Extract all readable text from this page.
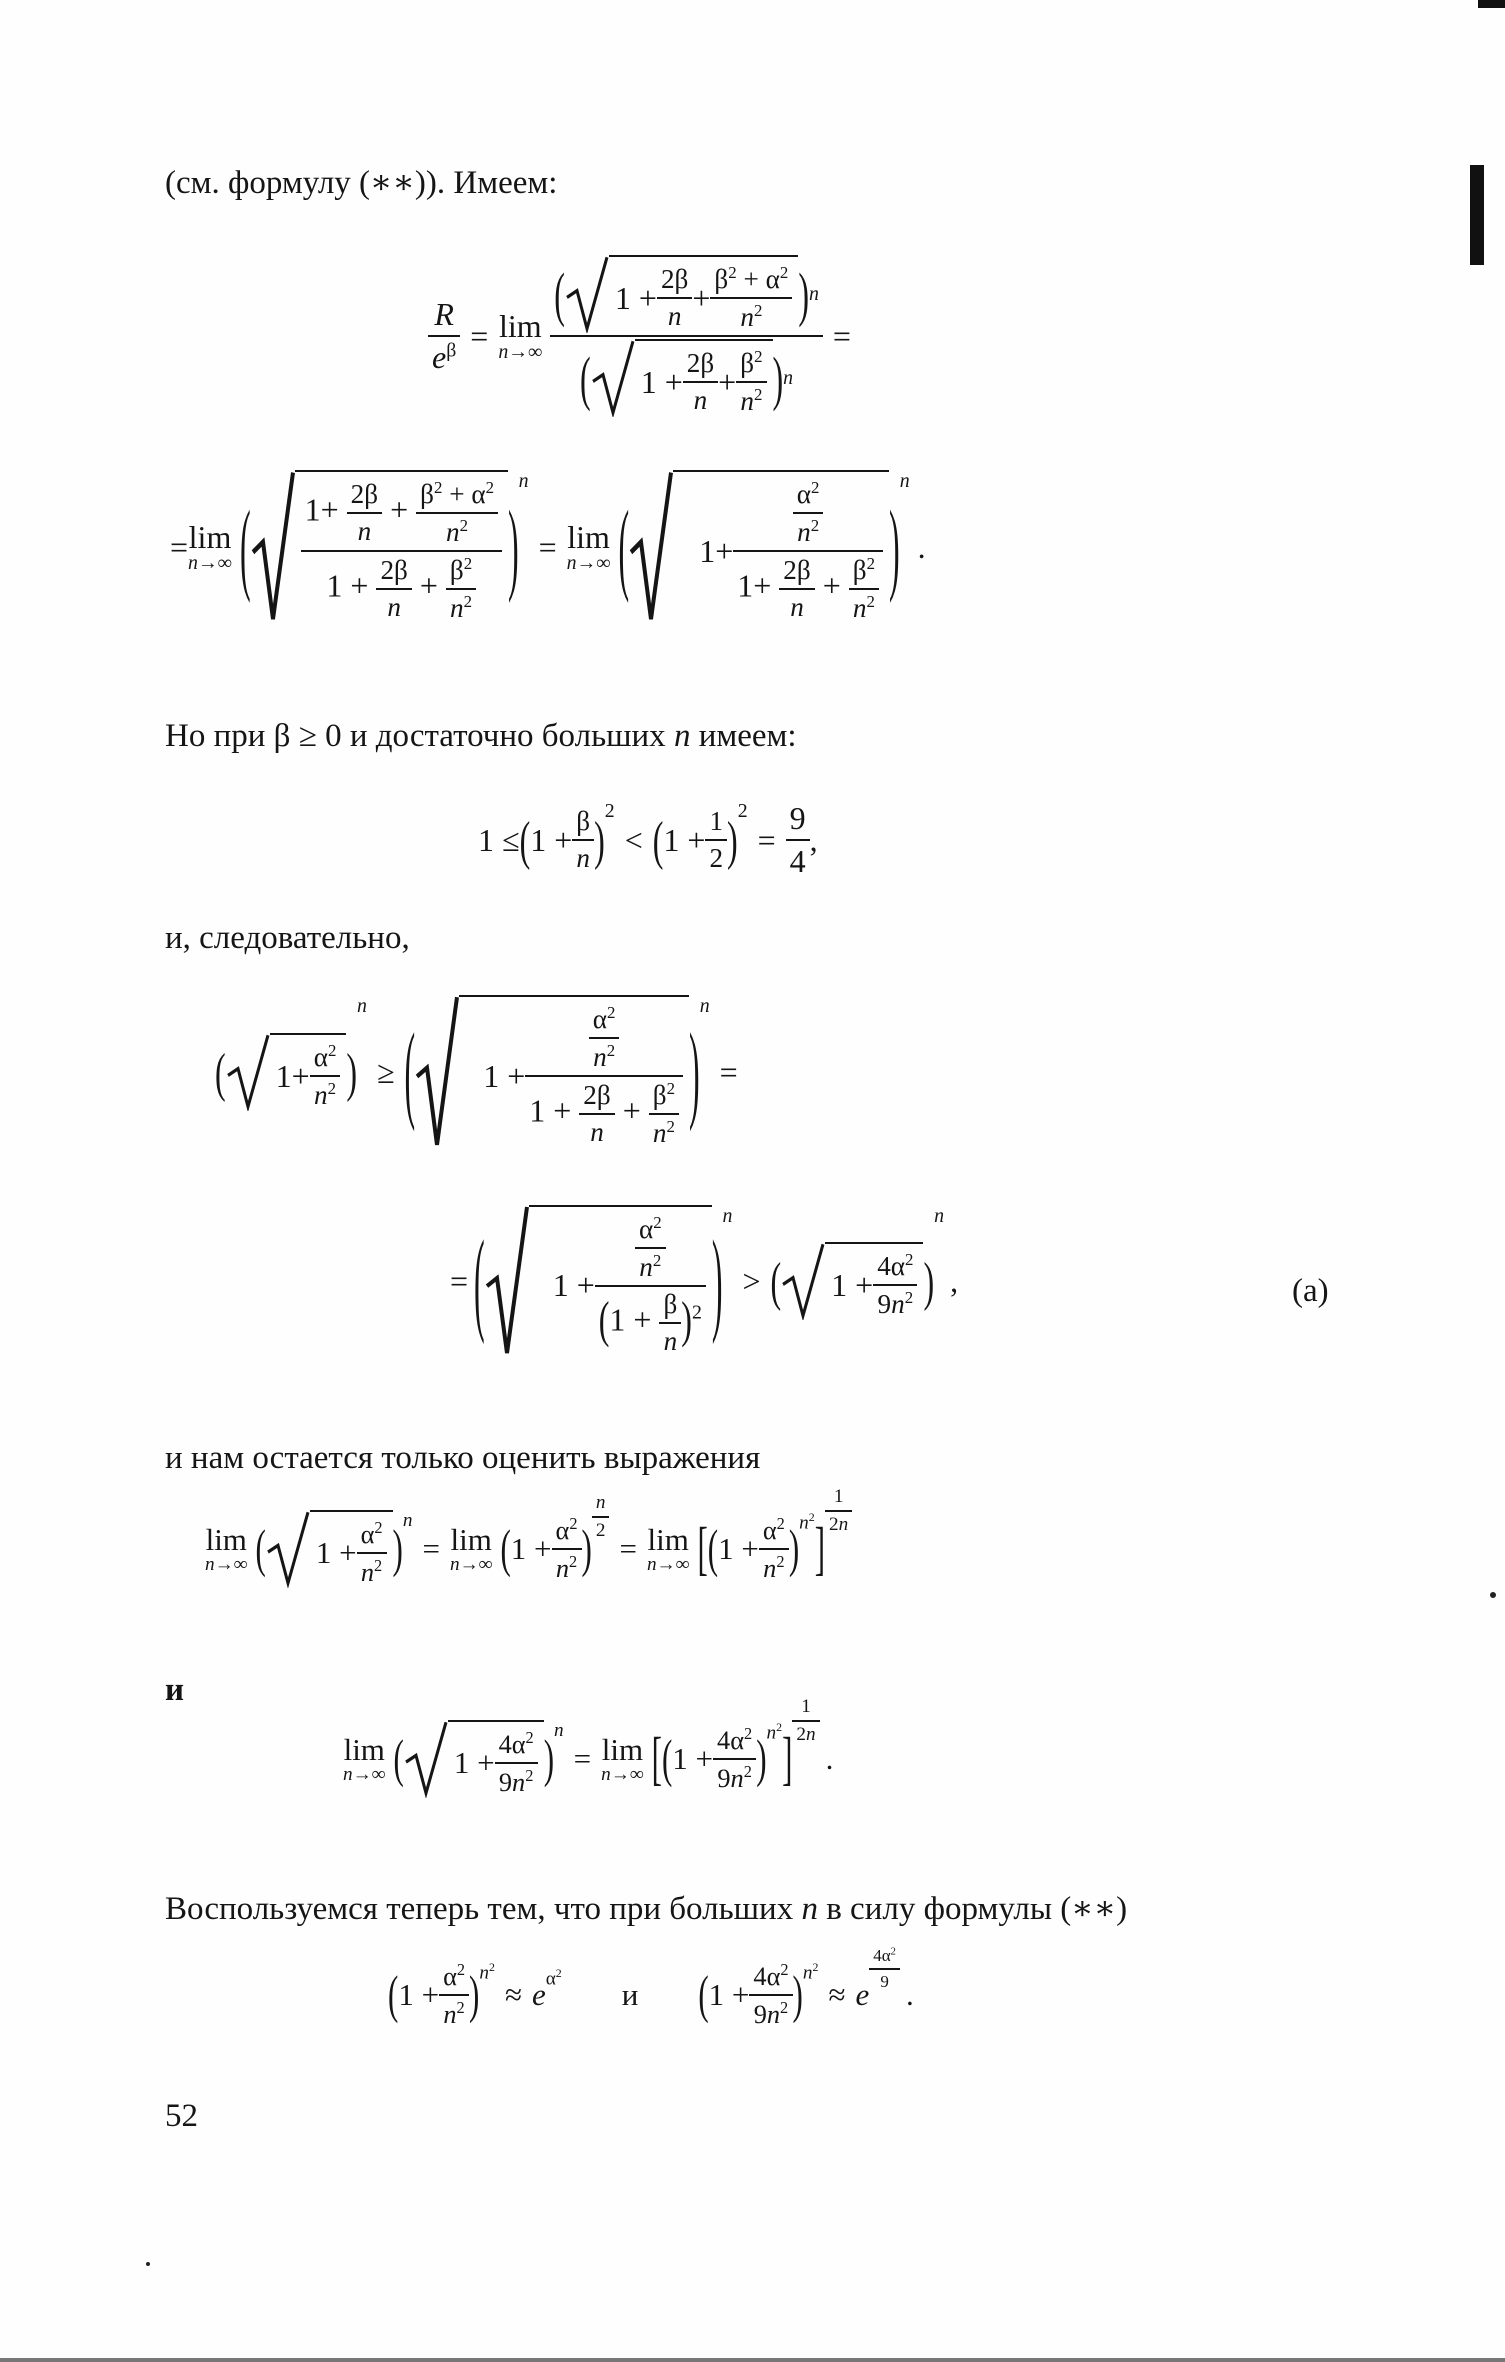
(см. формулу (∗∗)). Имеем:
$\frac{R}{e^\beta} = \lim$
n→∞ ( 1 +
2β
n
+
$\beta^2 + \alpha^2$
$n^2$	) n
( 1 +
2β
n
+
$\beta^2$
$n^2$ ) n =
= lim
n→∞ ( $1+ \frac{2\beta}{n} + \frac{\beta^2 + \alpha^2}{n^2}$
$1 + \frac{2\beta}{n} + \frac{\beta^2}{n^2}$ )
$^n$
= lim
n→∞ (	1+
$\frac{\alpha^2}{n^2}$
$1+ \frac{2\beta}{n} + \frac{\beta^2}{n^2}$ )
$^n$
.
Но при β ≥ 0 и достаточно больших n имеем:
1 ≤ ( 1 +
β
n )$^2$
< ( 1 +
1
2 )$^2$
= $\frac{9}{4}$ ,
и, следовательно,
( 1+
$\alpha^2$
$n^2$ )
n
≥ (	1 +
$\frac{\alpha^2}{n^2}$
$1 + \frac{2\beta}{n} + \frac{\beta^2}{n^2}$ )
$^n$
=
= (	1 +
$\frac{\alpha^2}{n^2}$
$(1 + \frac{\beta}{n} )^2$ )$^n$
> ( 1 +
$4\alpha^2$
$9n^2$ )
n
,	(a)
и нам остается только оценить выражения
lim
n→∞ ( 1 +
$\alpha^2$
$n^2$ )$^n$
= lim
n→∞ ( 1 +
$\alpha^2$
$n^2$ )
$\frac{n}{2}$
= lim
n→∞ [ ( 1 +
$\alpha^2$
$n^2$ ) $^{n^2}$ ]
1
2n
и
lim
n→∞ ( 1 +
$4\alpha^2$
$9n^2$ )$^n$
= lim
n→∞ [ ( 1 +
$4\alpha^2$
$9n^2$ ) $^{n^2}$ ]
1
2n
.
Воспользуемся теперь тем, что при больших n в силу формулы (∗∗)
( 1 +
$\alpha^2$
$n^2$ ) $^{n^2}$
≈ $e^{\alpha^2}$
и ( 1 +
$4\alpha^2$
$9n^2$ ) $^{n^2}$
≈ e
$4\alpha^2$
9 .
52
